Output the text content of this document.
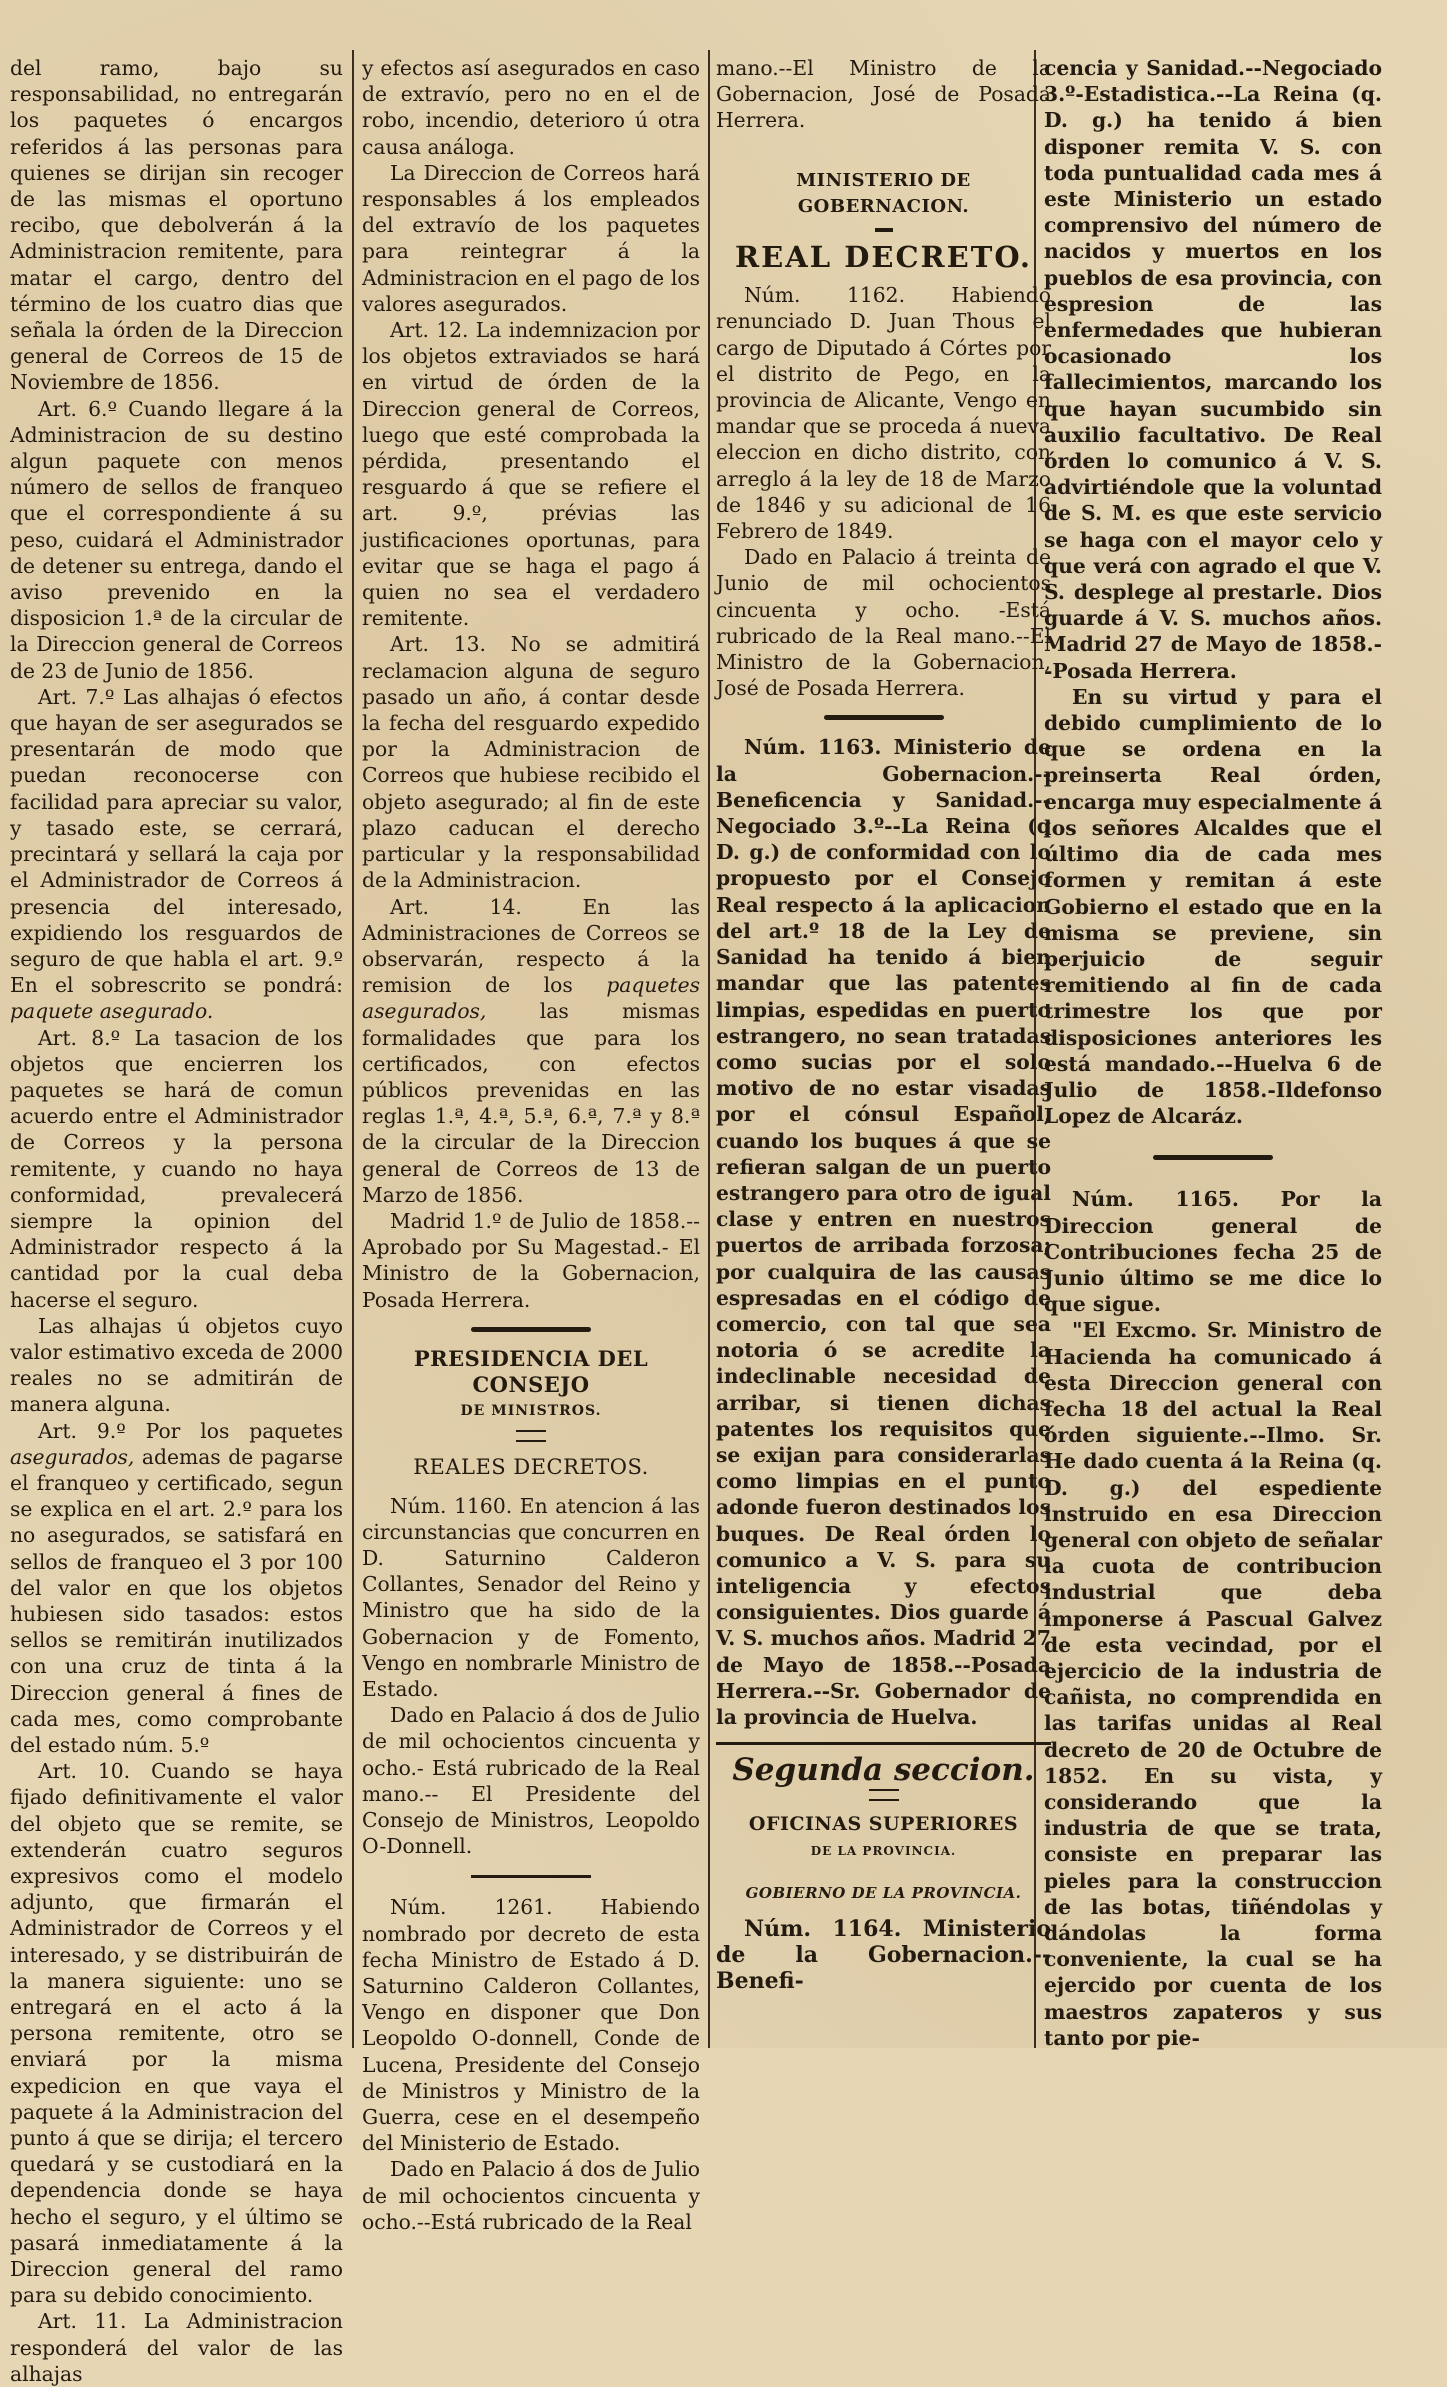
del ramo, bajo su responsabilidad, no entregarán los paquetes ó encargos referidos á las personas para quienes se dirijan sin recoger de las mismas el oportuno recibo, que debolverán á la Administracion remitente, para matar el cargo, dentro del término de los cuatro dias que señala la órden de la Direccion general de Correos de 15 de Noviembre de 1856.

Art. 6.º Cuando llegare á la Administracion de su destino algun paquete con menos número de sellos de franqueo que el correspondiente á su peso, cuidará el Administrador de detener su entrega, dando el aviso prevenido en la disposicion 1.ª de la circular de la Direccion general de Correos de 23 de Junio de 1856.

Art. 7.º Las alhajas ó efectos que hayan de ser asegurados se presentarán de modo que puedan reconocerse con facilidad para apreciar su valor, y tasado este, se cerrará, precintará y sellará la caja por el Administrador de Correos á presencia del interesado, expidiendo los resguardos de seguro de que habla el art. 9.º En el sobrescrito se pondrá: paquete asegurado.

Art. 8.º La tasacion de los objetos que encierren los paquetes se hará de comun acuerdo entre el Administrador de Correos y la persona remitente, y cuando no haya conformidad, prevalecerá siempre la opinion del Administrador respecto á la cantidad por la cual deba hacerse el seguro.

Las alhajas ú objetos cuyo valor estimativo exceda de 2000 reales no se admitirán de manera alguna.

Art. 9.º Por los paquetes asegurados, ademas de pagarse el franqueo y certificado, segun se explica en el art. 2.º para los no asegurados, se satisfará en sellos de franqueo el 3 por 100 del valor en que los objetos hubiesen sido tasados: estos sellos se remitirán inutilizados con una cruz de tinta á la Direccion general á fines de cada mes, como comprobante del estado núm. 5.º

Art. 10. Cuando se haya fijado definitivamente el valor del objeto que se remite, se extenderán cuatro seguros expresivos como el modelo adjunto, que firmarán el Administrador de Correos y el interesado, y se distribuirán de la manera siguiente: uno se entregará en el acto á la persona remitente, otro se enviará por la misma expedicion en que vaya el paquete á la Administracion del punto á que se dirija; el tercero quedará y se custodiará en la dependencia donde se haya hecho el seguro, y el último se pasará inmediatamente á la Direccion general del ramo para su debido conocimiento.

Art. 11. La Administracion responderá del valor de las alhajas

y efectos así asegurados en caso de extravío, pero no en el de robo, incendio, deterioro ú otra causa análoga.

La Direccion de Correos hará responsables á los empleados del extravío de los paquetes para reintegrar á la Administracion en el pago de los valores asegurados.

Art. 12. La indemnizacion por los objetos extraviados se hará en virtud de órden de la Direccion general de Correos, luego que esté comprobada la pérdida, presentando el resguardo á que se refiere el art. 9.º, prévias las justificaciones oportunas, para evitar que se haga el pago á quien no sea el verdadero remitente.

Art. 13. No se admitirá reclamacion alguna de seguro pasado un año, á contar desde la fecha del resguardo expedido por la Administracion de Correos que hubiese recibido el objeto asegurado; al fin de este plazo caducan el derecho particular y la responsabilidad de la Administracion.

Art. 14. En las Administraciones de Correos se observarán, respecto á la remision de los paquetes asegurados,	las mismas formalidades que para los certificados, con efectos públicos prevenidas en las reglas 1.ª, 4.ª, 5.ª, 6.ª, 7.ª y 8.ª de la circular de la Direccion general de Correos de 13 de Marzo de 1856.

Madrid 1.º de Julio de 1858.--Aprobado por Su Magestad.- El Ministro de la Gobernacion, Posada Herrera.

PRESIDENCIA DEL CONSEJO

DE MINISTROS.

REALES DECRETOS.

Núm. 1160. En atencion á las circunstancias que concurren en D. Saturnino Calderon Collantes, Senador del Reino y Ministro que ha sido de la Gobernacion y de Fomento, Vengo en nombrarle Ministro de Estado.

Dado en Palacio á dos de Julio de mil ochocientos cincuenta y ocho.- Está rubricado de la Real mano.-- El Presidente del Consejo de Ministros, Leopoldo O-Donnell.

Núm. 1261. Habiendo nombrado por decreto de esta fecha Ministro de Estado á D. Saturnino Calderon Collantes, Vengo en disponer que Don Leopoldo O-donnell, Conde de Lucena, Presidente del Consejo de Ministros y Ministro de la Guerra, cese en el desempeño del Ministerio de Estado.

Dado en Palacio á dos de Julio de mil ochocientos cincuenta y ocho.--Está rubricado de la Real

mano.--El Ministro de la Gobernacion, José de Posada Herrera.

MINISTERIO DE GOBERNACION.

REAL DECRETO.

Núm. 1162. Habiendo renunciado D. Juan Thous el cargo de Diputado á Córtes por el distrito de Pego, en la provincia de Alicante, Vengo en mandar que se proceda á nueva eleccion en dicho distrito, con arreglo á la ley de 18 de Marzo de 1846 y su adicional de 16 Febrero de 1849.

Dado en Palacio á treinta de Junio de mil ochocientos cincuenta y ocho. -Está rubricado de la Real mano.--El Ministro de la Gobernacion, José de Posada Herrera.

Núm. 1163. Ministerio de la Gobernacion.--Beneficencia y Sanidad.--Negociado 3.º--La Reina (q D. g.) de conformidad con lo propuesto por el Consejo Real respecto á la aplicacion del art.º 18 de la Ley de Sanidad ha tenido á bien mandar que las patentes limpias, espedidas en puerto estrangero, no sean tratadas como sucias por el solo motivo de no estar visadas por el cónsul Español, cuando los buques á que se refieran salgan de un puerto estrangero para otro de igual clase y entren en nuestros puertos de arribada forzosa; por cualquira de las causas espresadas en el código de comercio, con tal que sea notoria ó se acredite la indeclinable necesidad de arribar, si tienen dichas patentes los requisitos que se exijan para considerarlas como limpias en el punto adonde fueron destinados los buques. De Real órden lo comunico a V. S. para su inteligencia y efectos consiguientes. Dios guarde á V. S. muchos años. Madrid 27 de Mayo de 1858.--Posada Herrera.--Sr. Gobernador de la provincia de Huelva.

Segunda seccion.

OFICINAS SUPERIORES

DE LA PROVINCIA.

GOBIERNO DE LA PROVINCIA.

Núm. 1164. Ministerio de la Gobernacion.--Benefi-

cencia y Sanidad.--Negociado 3.º-Estadistica.--La Reina (q. D. g.) ha tenido á bien disponer remita V. S. con toda puntualidad cada mes á este Ministerio un estado comprensivo del número de nacidos y muertos en los pueblos de esa provincia, con espresion de las enfermedades que hubieran ocasionado los fallecimientos, marcando los que hayan sucumbido sin auxilio facultativo. De Real órden lo comunico á V. S. advirtiéndole que la voluntad de S. M. es que este servicio se haga con el mayor celo y que verá con agrado el que V. S. desplege al prestarle. Dios guarde á V. S. muchos años. Madrid 27 de Mayo de 1858.--Posada Herrera.

En su virtud y para el debido cumplimiento de lo que se ordena en la preinserta Real órden, encarga muy especialmente á los señores Alcaldes que el último dia de cada mes formen y remitan á este Gobierno el estado que en la misma se previene, sin perjuicio de seguir remitiendo al fin de cada trimestre los que por disposiciones anteriores les está mandado.--Huelva 6 de Julio de 1858.-Ildefonso Lopez de Alcaráz.

Núm. 1165. Por la Direccion general de Contribuciones fecha 25 de Junio último se me dice lo que sigue.

"El Excmo. Sr. Ministro de Hacienda ha comunicado á esta Direccion general con fecha 18 del actual la Real órden siguiente.--Ilmo. Sr. He dado cuenta á la Reina (q. D. g.) del espediente instruido en esa Direccion general con objeto de señalar la cuota de contribucion industrial que deba imponerse á Pascual Galvez de esta vecindad, por el ejercicio de la industria de cañista, no comprendida en las tarifas unidas al Real decreto de 20 de Octubre de 1852. En su vista, y considerando que la industria de que se trata, consiste en preparar las pieles para la construccion de las botas, tiñéndolas y dándolas la forma conveniente, la cual se ha ejercido por cuenta de los maestros zapateros y sus tanto por pie-
